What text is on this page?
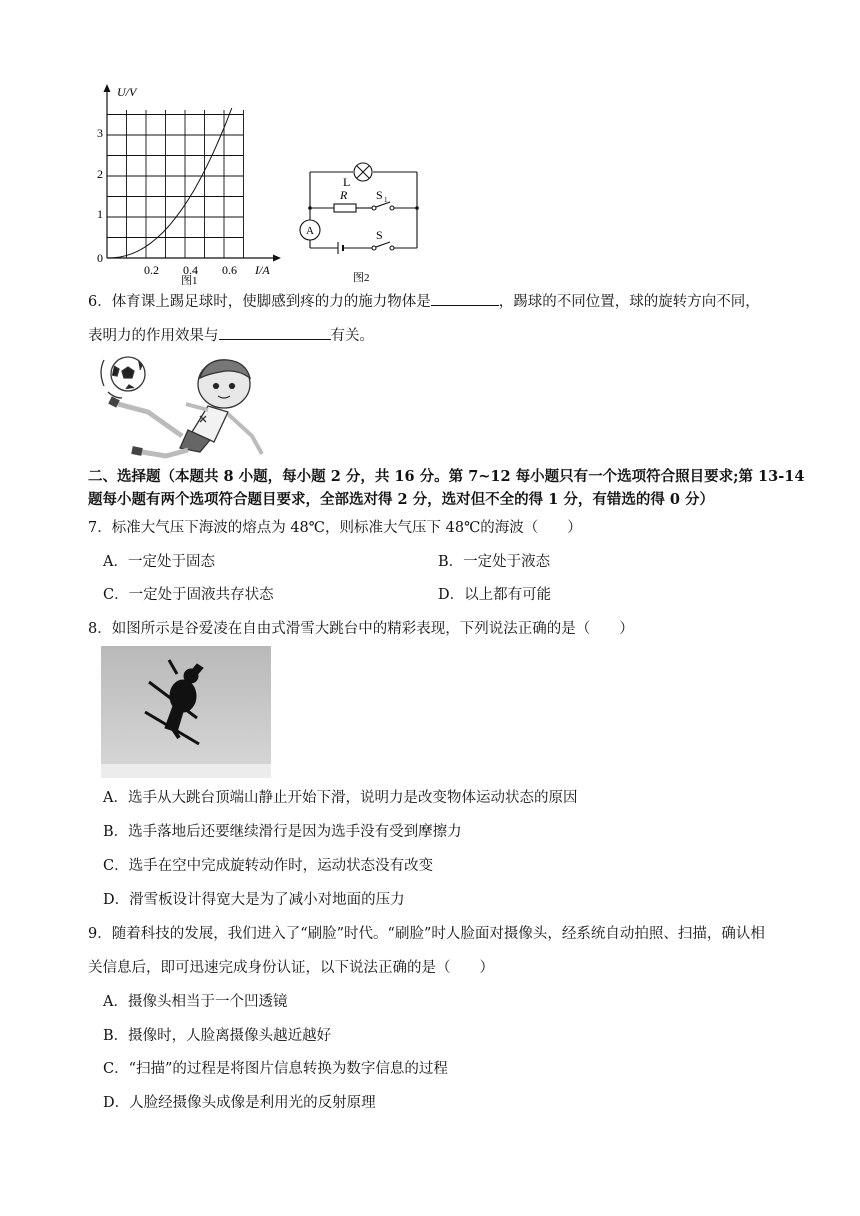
U/V
I/A
0
1
2
3
0.2 0.4 0.6
图1
L
R S 1
S
A
图2
6．体育课上踢足球时，使脚感到疼的力的施力物体是	，踢球的不同位置，球的旋转方向不同，
表明力的作用效果与	有关。
二、选择题（本题共 8 小题，每小题 2 分，共 16 分。第 7~12 每小题只有一个选项符合照目要求;第 13-14
题每小题有两个选项符合题目要求，全部选对得 2 分，选对但不全的得 1 分，有错选的得 0 分）
7．标准大气压下海波的熔点为 48℃，则标准大气压下 48℃的海波（　　）
A．一定处于固态	B．一定处于液态
C．一定处于固液共存状态	D．以上都有可能
8．如图所示是谷爱凌在自由式滑雪大跳台中的精彩表现，下列说法正确的是（　　）
A．选手从大跳台顶端山静止开始下滑，说明力是改变物体运动状态的原因
B．选手落地后还要继续滑行是因为选手没有受到摩擦力
C．选手在空中完成旋转动作时，运动状态没有改变
D．滑雪板设计得宽大是为了减小对地面的压力
9．随着科技的发展，我们进入了“刷脸”时代。“刷脸”时人脸面对摄像头，经系统自动拍照、扫描，确认相
关信息后，即可迅速完成身份认证，以下说法正确的是（　　）
A．摄像头相当于一个凹透镜
B．摄像时，人脸离摄像头越近越好
C．“扫描”的过程是将图片信息转换为数字信息的过程
D．人脸经摄像头成像是利用光的反射原理
